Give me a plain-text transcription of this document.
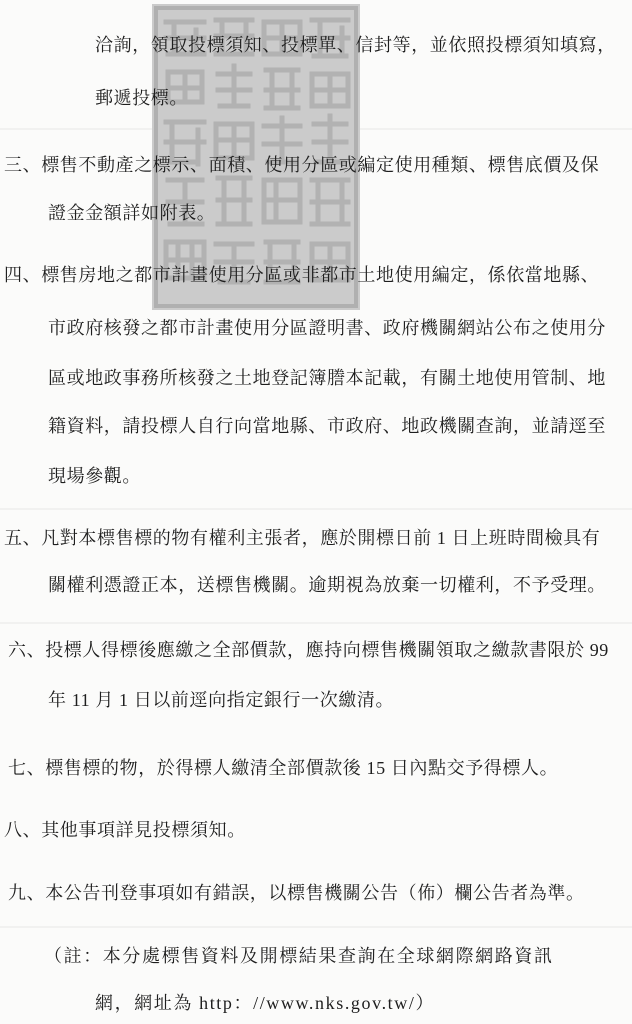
洽詢，領取投標須知、投標單、信封等，並依照投標須知填寫，
郵遞投標。
三、標售不動產之標示、面積、使用分區或編定使用種類、標售底價及保
證金金額詳如附表。
四、標售房地之都市計畫使用分區或非都市土地使用編定，係依當地縣、
市政府核發之都市計畫使用分區證明書、政府機關網站公布之使用分
區或地政事務所核發之土地登記簿謄本記載，有關土地使用管制、地
籍資料，請投標人自行向當地縣、市政府、地政機關查詢，並請逕至
現場參觀。
五、凡對本標售標的物有權利主張者，應於開標日前 1 日上班時間檢具有
關權利憑證正本，送標售機關。逾期視為放棄一切權利，不予受理。
六、投標人得標後應繳之全部價款，應持向標售機關領取之繳款書限於 99
年 11 月 1 日以前逕向指定銀行一次繳清。
七、標售標的物，於得標人繳清全部價款後 15 日內點交予得標人。
八、其他事項詳見投標須知。
九、本公告刊登事項如有錯誤，以標售機關公告（佈）欄公告者為準。
（註：本分處標售資料及開標結果查詢在全球網際網路資訊
網，網址為 http：//www.nks.gov.tw/）
